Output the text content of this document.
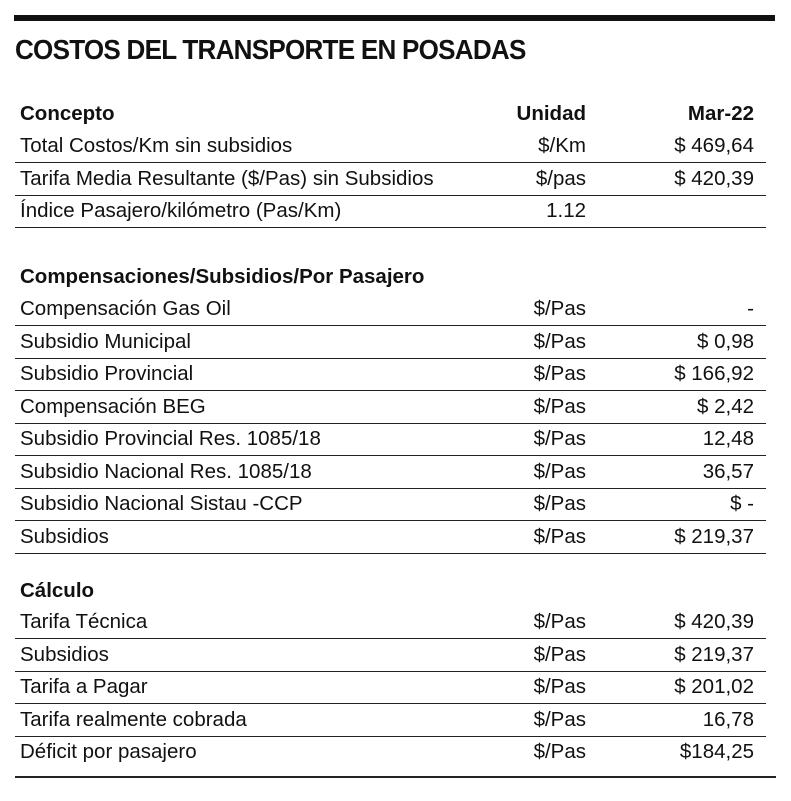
COSTOS DEL TRANSPORTE EN POSADAS
Concepto	Unidad	Mar-22
Total Costos/Km sin subsidios	$/Km	$ 469,64
Tarifa Media Resultante ($/Pas) sin Subsidios	$/pas	$ 420,39
Índice Pasajero/kilómetro (Pas/Km)	1.12
Compensaciones/Subsidios/Por Pasajero
Compensación Gas Oil	$/Pas	-
Subsidio Municipal	$/Pas	$ 0,98
Subsidio Provincial	$/Pas	$ 166,92
Compensación BEG	$/Pas	$ 2,42
Subsidio Provincial Res. 1085/18	$/Pas	12,48
Subsidio Nacional Res. 1085/18	$/Pas	36,57
Subsidio Nacional Sistau -CCP	$/Pas	$ -
Subsidios	$/Pas	$ 219,37
Cálculo
Tarifa Técnica	$/Pas	$ 420,39
Subsidios	$/Pas	$ 219,37
Tarifa a Pagar	$/Pas	$ 201,02
Tarifa realmente cobrada	$/Pas	16,78
Déficit por pasajero	$/Pas	$184,25
